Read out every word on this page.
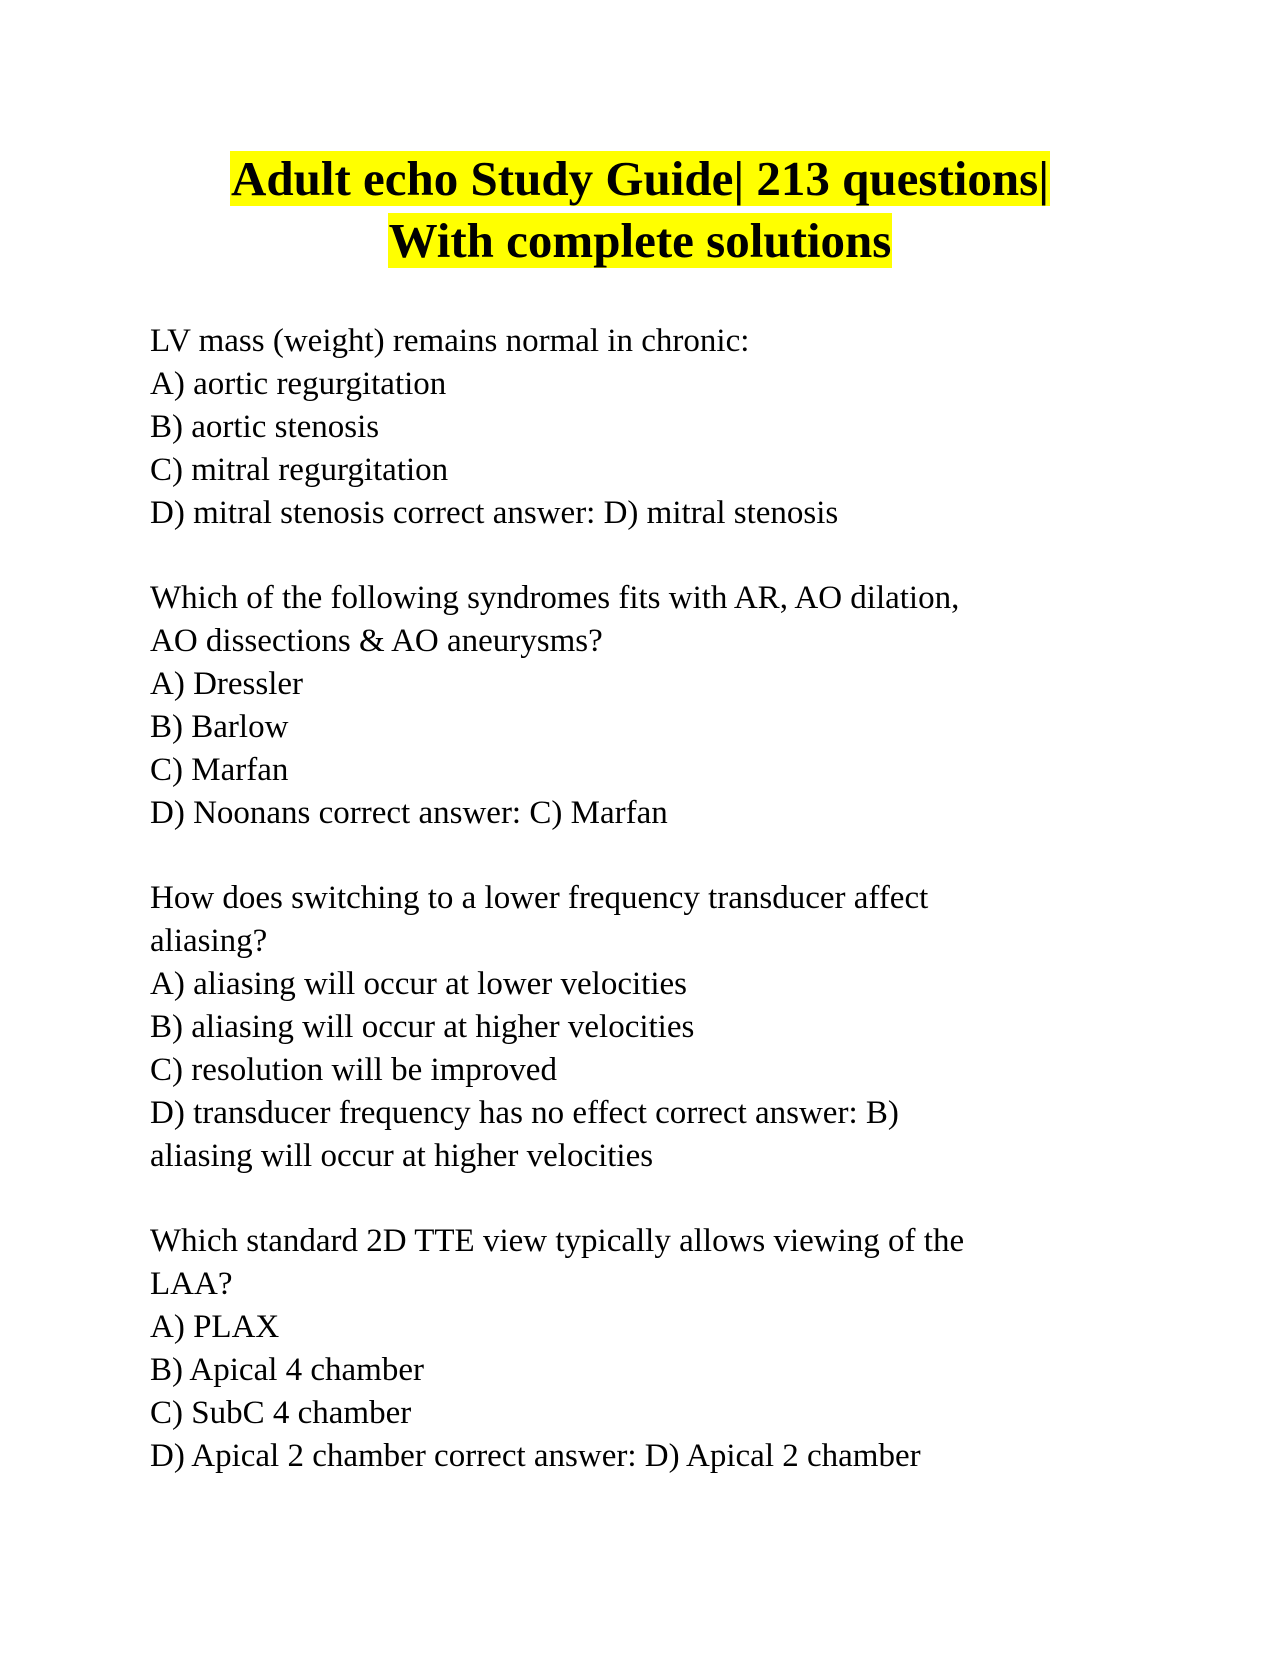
Adult echo Study Guide| 213 questions|
With complete solutions
LV mass (weight) remains normal in chronic:
A) aortic regurgitation
B) aortic stenosis
C) mitral regurgitation
D) mitral stenosis correct answer: D) mitral stenosis
Which of the following syndromes fits with AR, AO dilation,
AO dissections & AO aneurysms?
A) Dressler
B) Barlow
C) Marfan
D) Noonans correct answer: C) Marfan
How does switching to a lower frequency transducer affect
aliasing?
A) aliasing will occur at lower velocities
B) aliasing will occur at higher velocities
C) resolution will be improved
D) transducer frequency has no effect correct answer: B)
aliasing will occur at higher velocities
Which standard 2D TTE view typically allows viewing of the
LAA?
A) PLAX
B) Apical 4 chamber
C) SubC 4 chamber
D) Apical 2 chamber correct answer: D) Apical 2 chamber
